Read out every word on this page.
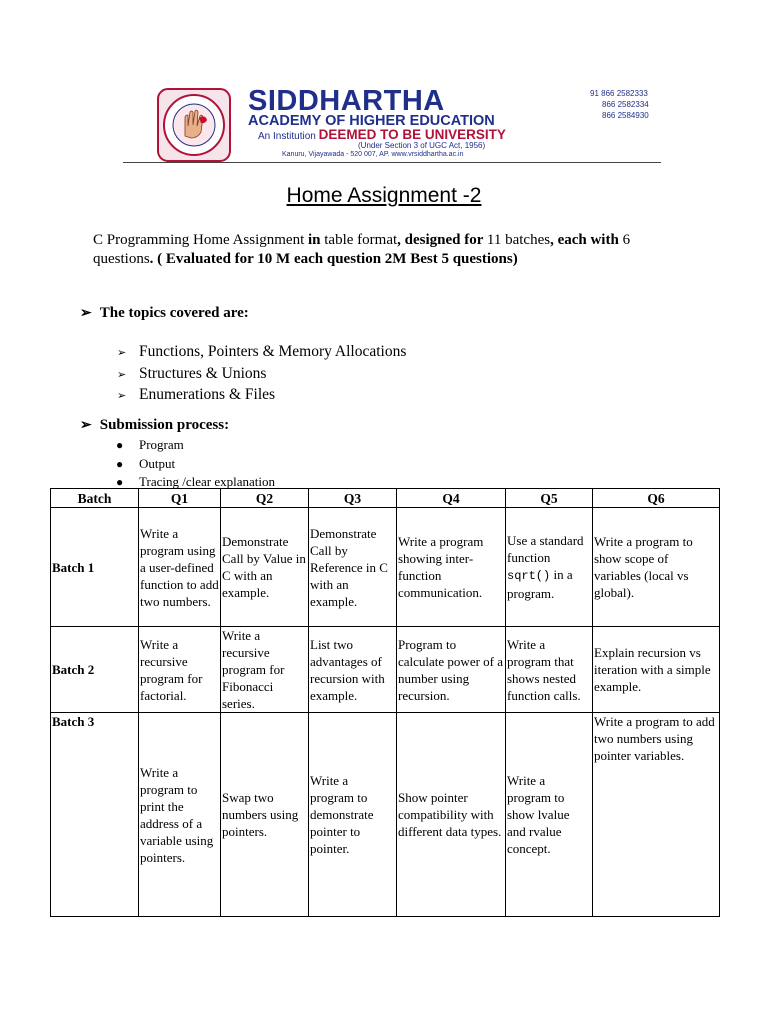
SIDDHARTHA
ACADEMY OF HIGHER EDUCATION
An Institution DEEMED TO BE UNIVERSITY
(Under Section 3 of UGC Act, 1956)
Kanuru, Vijayawada - 520 007, AP. www.vrsiddhartha.ac.in
91 866 2582333
866 2582334
866 2584930
Home Assignment -2
C Programming Home Assignment in table format, designed for 11 batches, each with 6 questions. ( Evaluated for 10 M each question 2M Best 5 questions)
➢ The topics covered are:
➢ Functions, Pointers & Memory Allocations
➢ Structures & Unions
➢ Enumerations & Files
➢ Submission process:
● Program
● Output
● Tracing /clear explanation
Batch	Q1	Q2	Q3	Q4	Q5	Q6
Batch 1	Write a program using a user-defined function to add two numbers.	Demonstrate Call by Value in C with an example.	Demonstrate Call by Reference in C with an example.	Write a program showing inter-function communication.	Use a standard function sqrt() in a program.	Write a program to show scope of variables (local vs global).
Batch 2	Write a recursive program for factorial.	Write a recursive program for Fibonacci series.	List two advantages of recursion with example.	Program to calculate power of a number using recursion.	Write a program that shows nested function calls.	Explain recursion vs iteration with a simple example.
Batch 3	Write a program to print the address of a variable using pointers.	Swap two numbers using pointers.	Write a program to demonstrate pointer to pointer.	Show pointer compatibility with different data types.	Write a program to show lvalue and rvalue concept.	Write a program to add two numbers using pointer variables.
